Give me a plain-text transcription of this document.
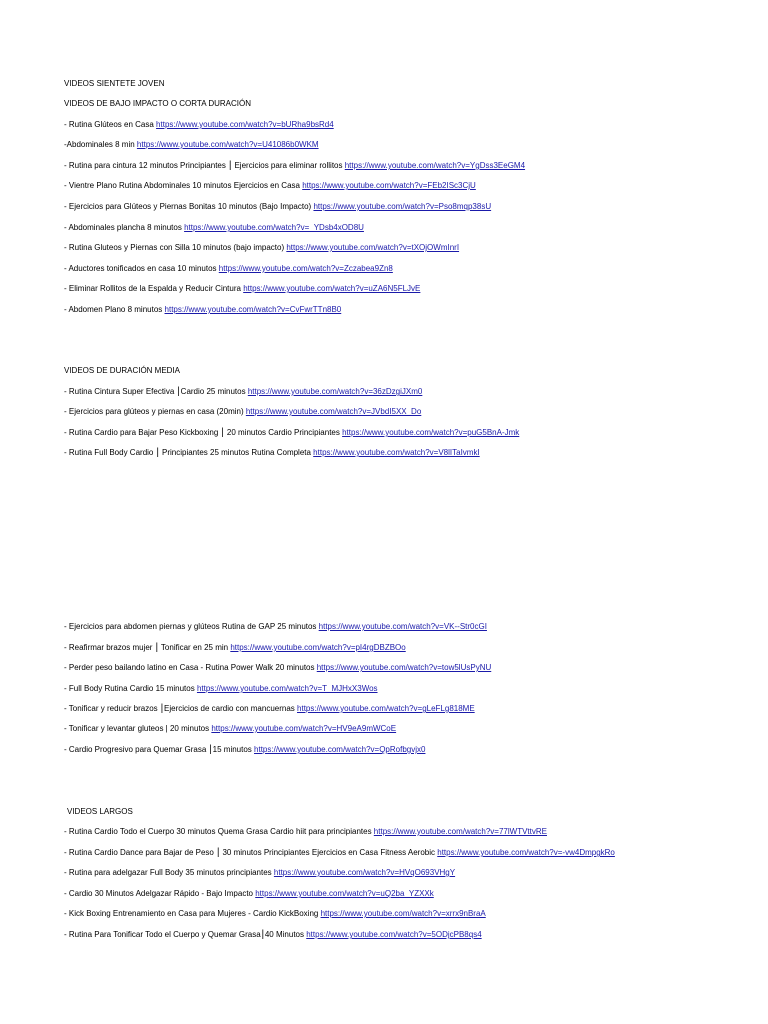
VIDEOS SIENTETE JOVEN
VIDEOS DE BAJO IMPACTO O CORTA DURACIÓN
- Rutina Glúteos en Casa https://www.youtube.com/watch?v=bURha9bsRd4
-Abdominales 8 min https://www.youtube.com/watch?v=U41086b0WKM
- Rutina para cintura 12 minutos Principiantes ⎮ Ejercicios para eliminar rollitos https://www.youtube.com/watch?v=YgDss3EeGM4
- Vientre Plano Rutina Abdominales 10 minutos Ejercicios en Casa https://www.youtube.com/watch?v=FEb2ISc3CjU
- Ejercicios para Glúteos y Piernas Bonitas 10 minutos (Bajo Impacto) https://www.youtube.com/watch?v=Pso8mqp38sU
- Abdominales plancha 8 minutos https://www.youtube.com/watch?v=_YDsb4xOD8U
- Rutina Gluteos y Piernas con Silla 10 minutos (bajo impacto) https://www.youtube.com/watch?v=tXOjOWmInrI
- Aductores tonificados en casa 10 minutos https://www.youtube.com/watch?v=Zczabea9Zn8
- Eliminar Rollitos de la Espalda y Reducir Cintura https://www.youtube.com/watch?v=uZA6N5FLJvE
- Abdomen Plano 8 minutos https://www.youtube.com/watch?v=CvFwrTTn8B0
VIDEOS DE DURACIÓN MEDIA
- Rutina Cintura Super Efectiva ⎮Cardio 25 minutos https://www.youtube.com/watch?v=36zDzgiJXm0
- Ejercicios para glúteos y piernas en casa (20min) https://www.youtube.com/watch?v=JVbdI5XX_Do
- Rutina Cardio para Bajar Peso Kickboxing ⎮ 20 minutos Cardio Principiantes https://www.youtube.com/watch?v=puG5BnA-Jmk
- Rutina Full Body Cardio ⎮ Principiantes 25 minutos Rutina Completa https://www.youtube.com/watch?v=V8lITaIvmkI
- Ejercicios para abdomen piernas y glúteos Rutina de GAP 25 minutos https://www.youtube.com/watch?v=VK--Str0cGI
- Reafirmar brazos mujer ⎮ Tonificar en 25 min https://www.youtube.com/watch?v=pI4rgDBZBOo
- Perder peso bailando latino en Casa - Rutina Power Walk 20 minutos https://www.youtube.com/watch?v=tow5lUsPyNU
- Full Body Rutina Cardio 15 minutos https://www.youtube.com/watch?v=T_MJHxX3Wos
- Tonificar y reducir brazos ⎮Ejercicios de cardio con mancuernas https://www.youtube.com/watch?v=gLeFLg818ME
- Tonificar y levantar gluteos | 20 minutos https://www.youtube.com/watch?v=HV9eA9mWCoE
- Cardio Progresivo para Quemar Grasa ⎮15 minutos https://www.youtube.com/watch?v=QpRofbgvjx0
VIDEOS LARGOS
- Rutina Cardio Todo el Cuerpo 30 minutos Quema Grasa Cardio hiit para principiantes https://www.youtube.com/watch?v=77lWTVttvRE
- Rutina Cardio Dance para Bajar de Peso ⎮ 30 minutos Principiantes Ejercicios en Casa Fitness Aerobic https://www.youtube.com/watch?v=-vw4DmpgkRo
- Rutina para adelgazar Full Body 35 minutos principiantes https://www.youtube.com/watch?v=HVqO693VHgY
- Cardio 30 Minutos Adelgazar Rápido - Bajo Impacto https://www.youtube.com/watch?v=uQ2ba_YZXXk
- Kick Boxing Entrenamiento en Casa para Mujeres - Cardio KickBoxing https://www.youtube.com/watch?v=xrrx9nBraA
- Rutina Para Tonificar Todo el Cuerpo y Quemar Grasa⎮40 Minutos https://www.youtube.com/watch?v=5ODjcPB8qs4
